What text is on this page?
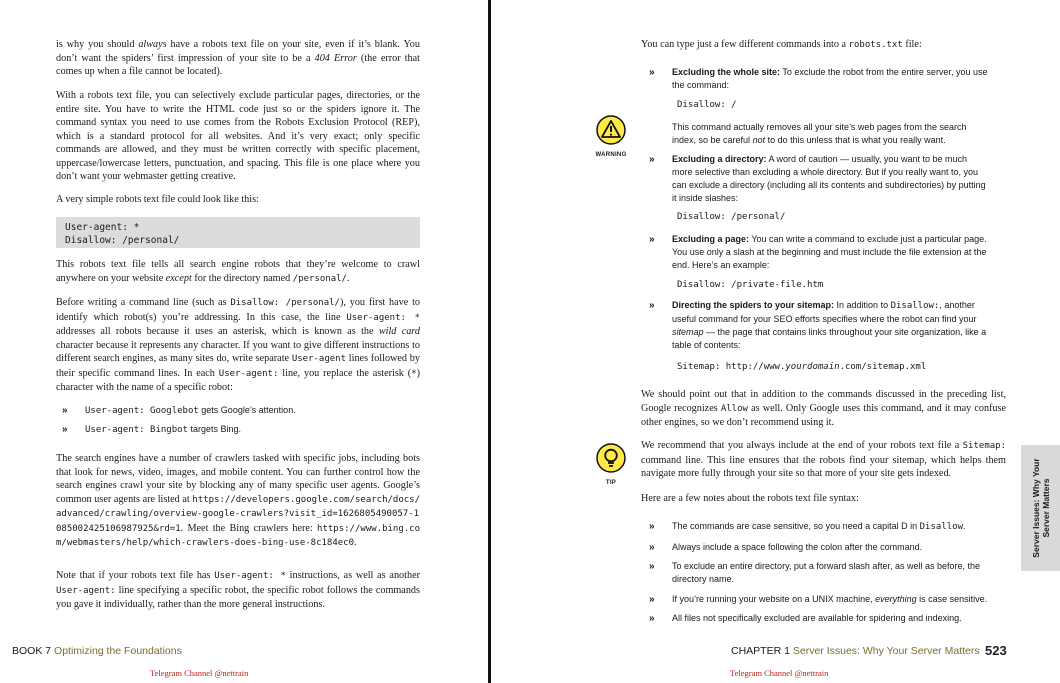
is why you should always have a robots text file on your site, even if it’s blank. You don’t want the spiders’ first impression of your site to be a 404 Error (the error that comes up when a file cannot be located).

With a robots text file, you can selectively exclude particular pages, directories, or the entire site. You have to write the HTML code just so or the spiders ignore it. The command syntax you need to use comes from the Robots Exclusion Protocol (REP), which is a standard protocol for all websites. And it’s very exact; only specific commands are allowed, and they must be written correctly with specific placement, uppercase/lowercase letters, punctuation, and spacing. This file is one place where you don’t want your webmaster getting creative.

A very simple robots text file could look like this:

User-agent: *
Disallow: /personal/

This robots text file tells all search engine robots that they’re welcome to crawl anywhere on your website except for the directory named /personal/.

Before writing a command line (such as Disallow: /personal/), you first have to identify which robot(s) you’re addressing. In this case, the line User-agent: * addresses all robots because it uses an asterisk, which is known as the wild card character because it represents any character. If you want to give different instructions to different search engines, as many sites do, write separate User-agent lines followed by their specific command lines. In each User-agent: line, you replace the asterisk (*) character with the name of a specific robot:

» User-agent: Googlebot gets Google’s attention.
» User-agent: Bingbot targets Bing.

The search engines have a number of crawlers tasked with specific jobs, including bots that look for news, video, images, and mobile content. You can further control how the search engines crawl your site by blocking any of many specific user agents. Google’s common user agents are listed at https://developers.google.com/search/docs/advanced/crawling/overview-google-crawlers?visit_id=1626805490057-1085002425106987925&rd=1. Meet the Bing crawlers here: https://www.bing.com/webmasters/help/which-crawlers-does-bing-use-8c184ec0.

Note that if your robots text file has User-agent: * instructions, as well as another User-agent: line specifying a specific robot, the specific robot follows the commands you gave it individually, rather than the more general instructions.

BOOK 7 Optimizing the Foundations
Telegram Channel @nettrain

You can type just a few different commands into a robots.txt file:

WARNING
» Excluding the whole site: To exclude the robot from the entire server, you use the command:
Disallow: /
This command actually removes all your site’s web pages from the search index, so be careful not to do this unless that is what you really want.
» Excluding a directory: A word of caution — usually, you want to be much more selective than excluding a whole directory. But if you really want to, you can exclude a directory (including all its contents and subdirectories) by putting it inside slashes:
Disallow: /personal/
» Excluding a page: You can write a command to exclude just a particular page. You use only a slash at the beginning and must include the file extension at the end. Here’s an example:
Disallow: /private-file.htm
» Directing the spiders to your sitemap: In addition to Disallow:, another useful command for your SEO efforts specifies where the robot can find your sitemap — the page that contains links throughout your site organization, like a table of contents:
Sitemap: http://www.yourdomain.com/sitemap.xml

We should point out that in addition to the commands discussed in the preceding list, Google recognizes Allow as well. Only Google uses this command, and it may confuse other engines, so we don’t recommend using it.

TIP

We recommend that you always include at the end of your robots text file a Sitemap: command line. This line ensures that the robots find your sitemap, which helps them navigate more fully through your site so that more of your site gets indexed.

Here are a few notes about the robots text file syntax:

» The commands are case sensitive, so you need a capital D in Disallow.
» Always include a space following the colon after the command.
» To exclude an entire directory, put a forward slash after, as well as before, the directory name.
» If you’re running your website on a UNIX machine, everything is case sensitive.
» All files not specifically excluded are available for spidering and indexing.
CHAPTER 1 Server Issues: Why Your Server Matters 523
Telegram Channel @nettrain
Server Issues: Why Your Server Matters
